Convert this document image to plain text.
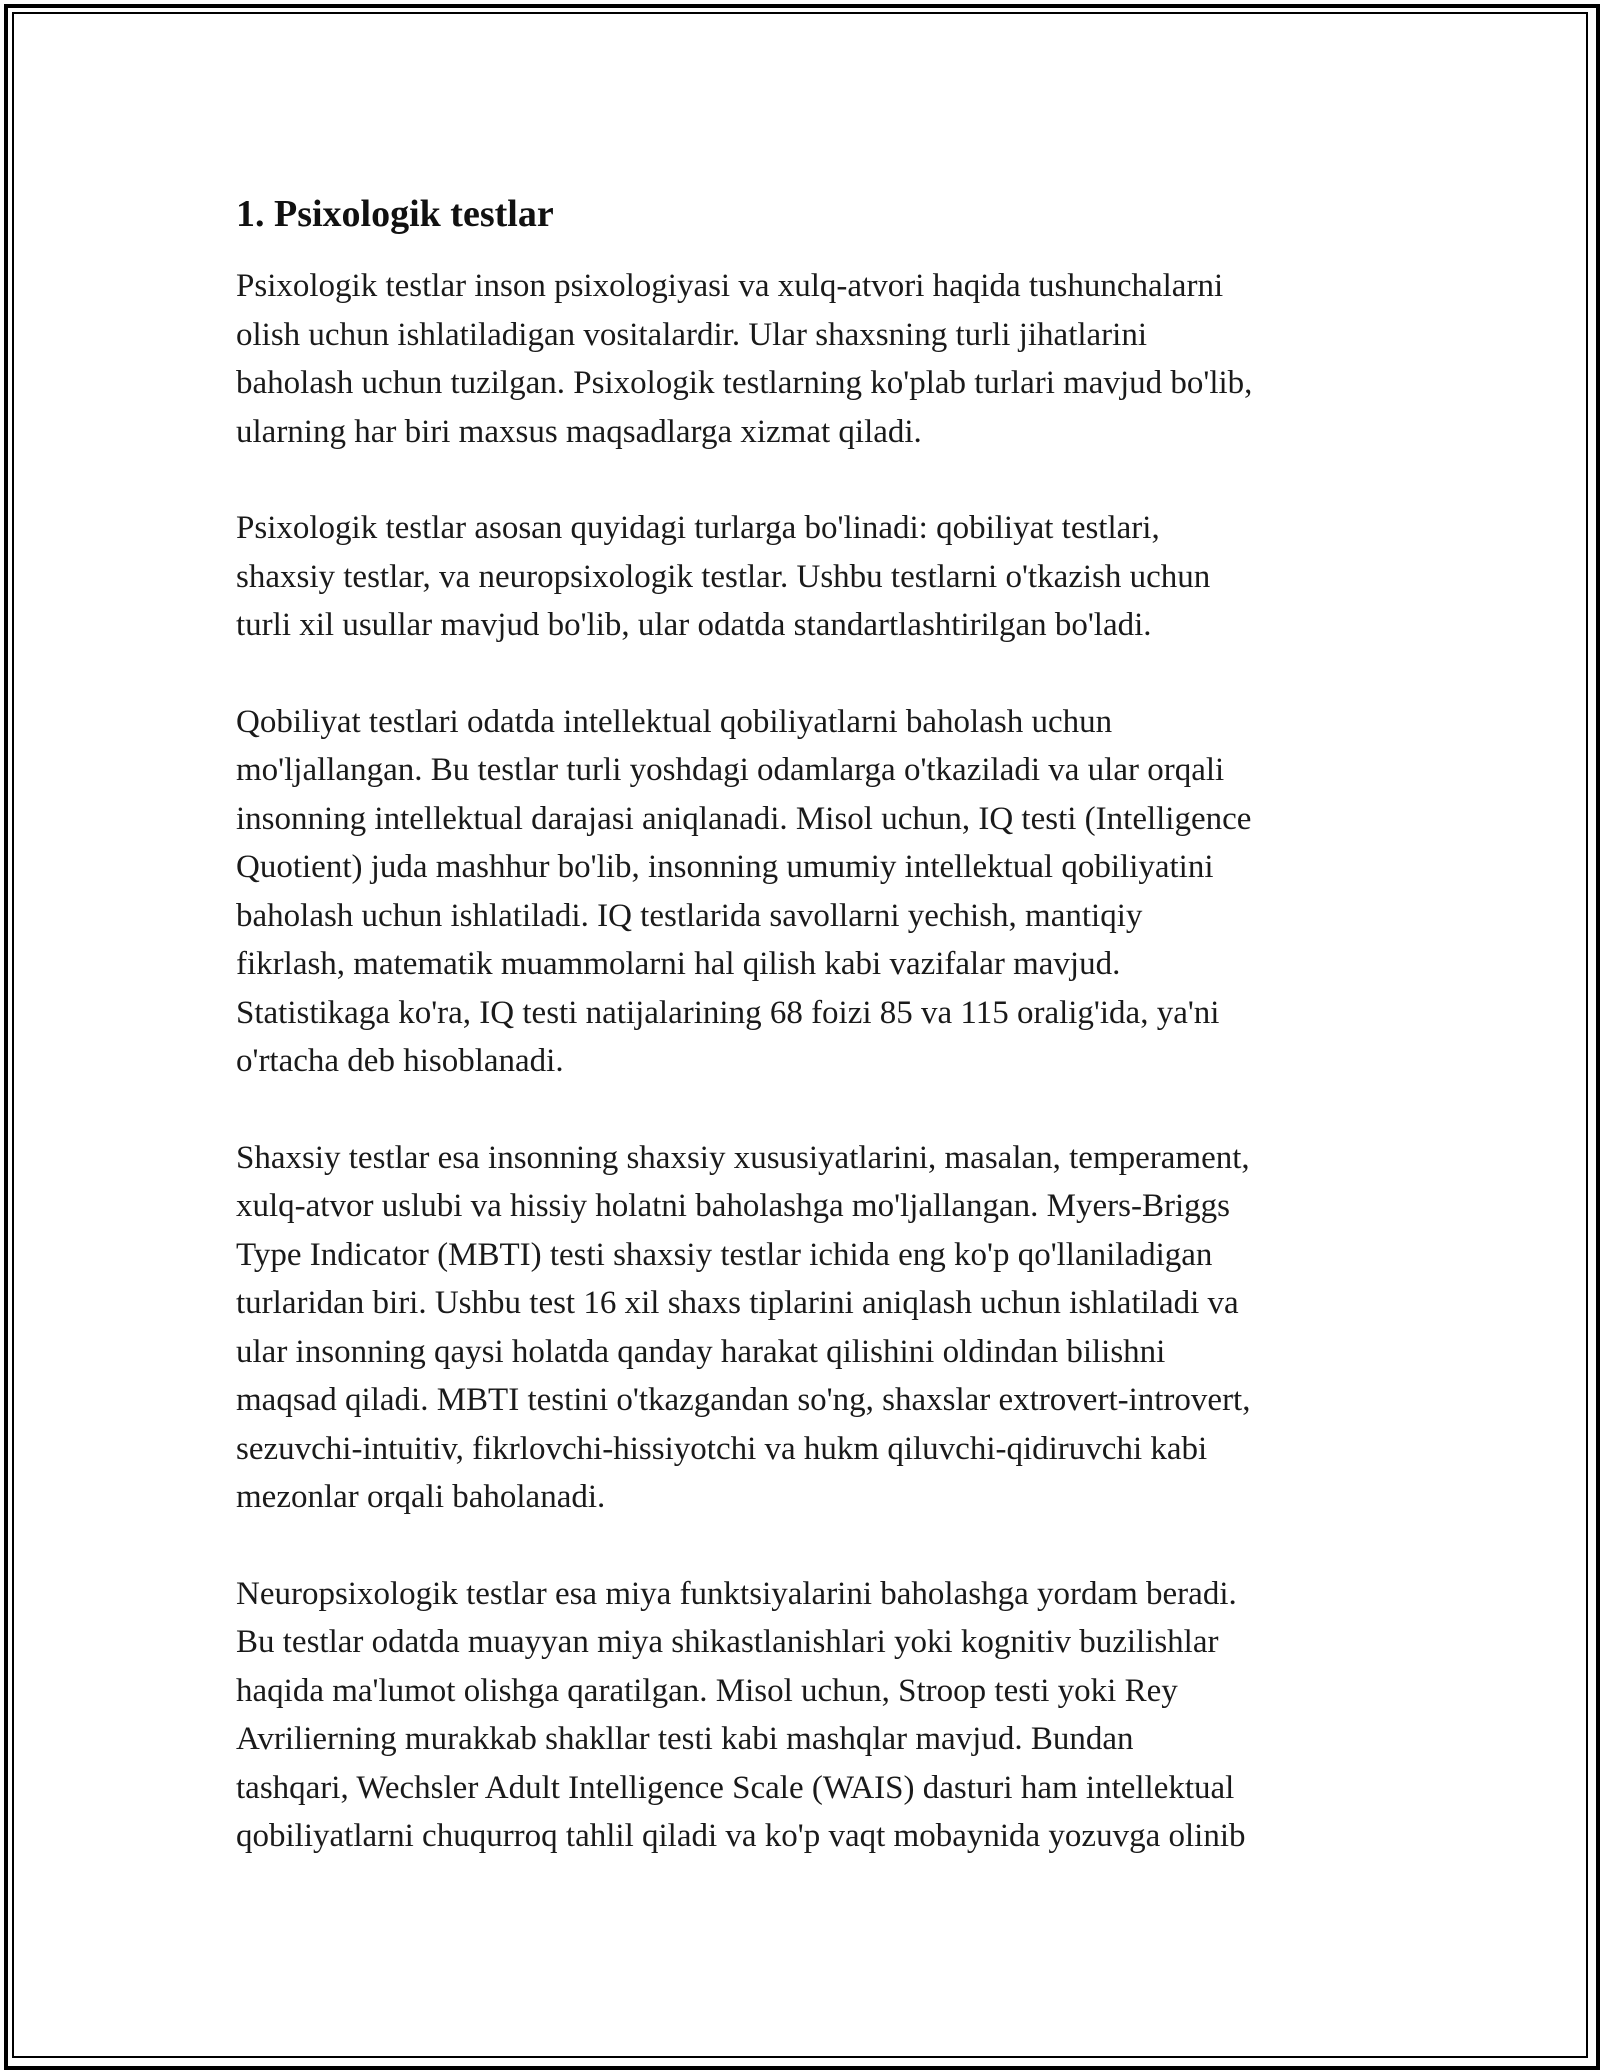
1. Psixologik testlar
Psixologik testlar inson psixologiyasi va xulq-atvori haqida tushunchalarni
olish uchun ishlatiladigan vositalardir. Ular shaxsning turli jihatlarini
baholash uchun tuzilgan. Psixologik testlarning ko'plab turlari mavjud bo'lib,
ularning har biri maxsus maqsadlarga xizmat qiladi.
Psixologik testlar asosan quyidagi turlarga bo'linadi: qobiliyat testlari,
shaxsiy testlar, va neuropsixologik testlar. Ushbu testlarni o'tkazish uchun
turli xil usullar mavjud bo'lib, ular odatda standartlashtirilgan bo'ladi.
Qobiliyat testlari odatda intellektual qobiliyatlarni baholash uchun
mo'ljallangan. Bu testlar turli yoshdagi odamlarga o'tkaziladi va ular orqali
insonning intellektual darajasi aniqlanadi. Misol uchun, IQ testi (Intelligence
Quotient) juda mashhur bo'lib, insonning umumiy intellektual qobiliyatini
baholash uchun ishlatiladi. IQ testlarida savollarni yechish, mantiqiy
fikrlash, matematik muammolarni hal qilish kabi vazifalar mavjud.
Statistikaga ko'ra, IQ testi natijalarining 68 foizi 85 va 115 oralig'ida, ya'ni
o'rtacha deb hisoblanadi.
Shaxsiy testlar esa insonning shaxsiy xususiyatlarini, masalan, temperament,
xulq-atvor uslubi va hissiy holatni baholashga mo'ljallangan. Myers-Briggs
Type Indicator (MBTI) testi shaxsiy testlar ichida eng ko'p qo'llaniladigan
turlaridan biri. Ushbu test 16 xil shaxs tiplarini aniqlash uchun ishlatiladi va
ular insonning qaysi holatda qanday harakat qilishini oldindan bilishni
maqsad qiladi. MBTI testini o'tkazgandan so'ng, shaxslar extrovert-introvert,
sezuvchi-intuitiv, fikrlovchi-hissiyotchi va hukm qiluvchi-qidiruvchi kabi
mezonlar orqali baholanadi.
Neuropsixologik testlar esa miya funktsiyalarini baholashga yordam beradi.
Bu testlar odatda muayyan miya shikastlanishlari yoki kognitiv buzilishlar
haqida ma'lumot olishga qaratilgan. Misol uchun, Stroop testi yoki Rey
Avrilierning murakkab shakllar testi kabi mashqlar mavjud. Bundan
tashqari, Wechsler Adult Intelligence Scale (WAIS) dasturi ham intellektual
qobiliyatlarni chuqurroq tahlil qiladi va ko'p vaqt mobaynida yozuvga olinib
